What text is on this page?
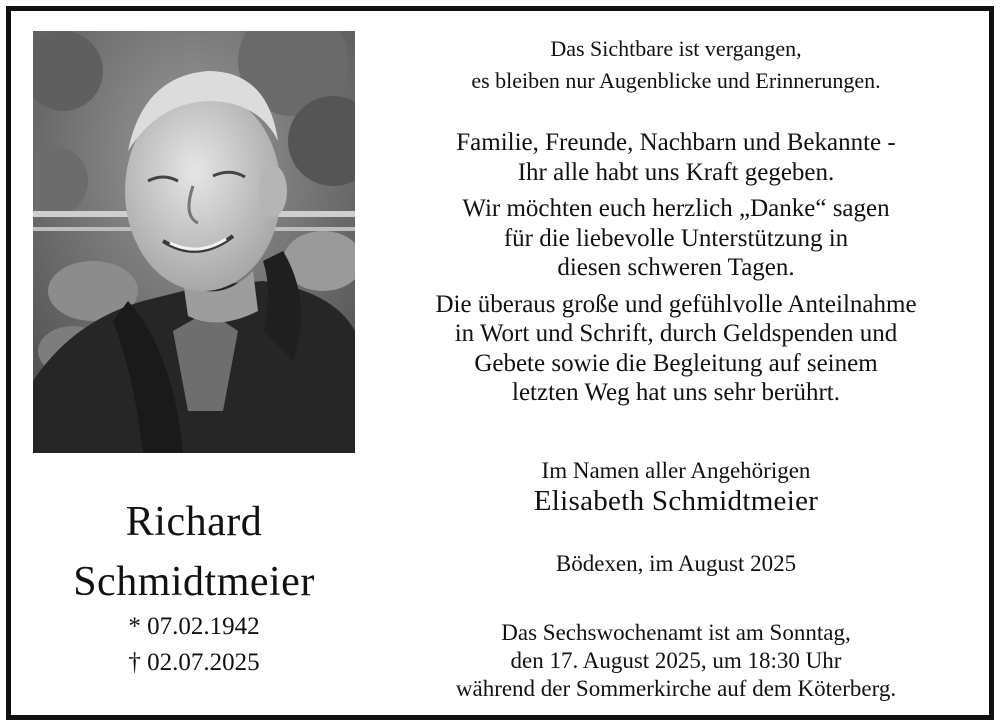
Richard
Schmidtmeier
* 07.02.1942
† 02.07.2025
Das Sichtbare ist vergangen,
es bleiben nur Augenblicke und Erinnerungen.
Familie, Freunde, Nachbarn und Bekannte -
Ihr alle habt uns Kraft gegeben.
Wir möchten euch herzlich „Danke“ sagen
für die liebevolle Unterstützung in
diesen schweren Tagen.
Die überaus große und gefühlvolle Anteilnahme
in Wort und Schrift, durch Geldspenden und
Gebete sowie die Begleitung auf seinem
letzten Weg hat uns sehr berührt.
Im Namen aller Angehörigen
Elisabeth Schmidtmeier
Bödexen, im August 2025
Das Sechswochenamt ist am Sonntag,
den 17. August 2025, um 18:30 Uhr
während der Sommerkirche auf dem Köterberg.
